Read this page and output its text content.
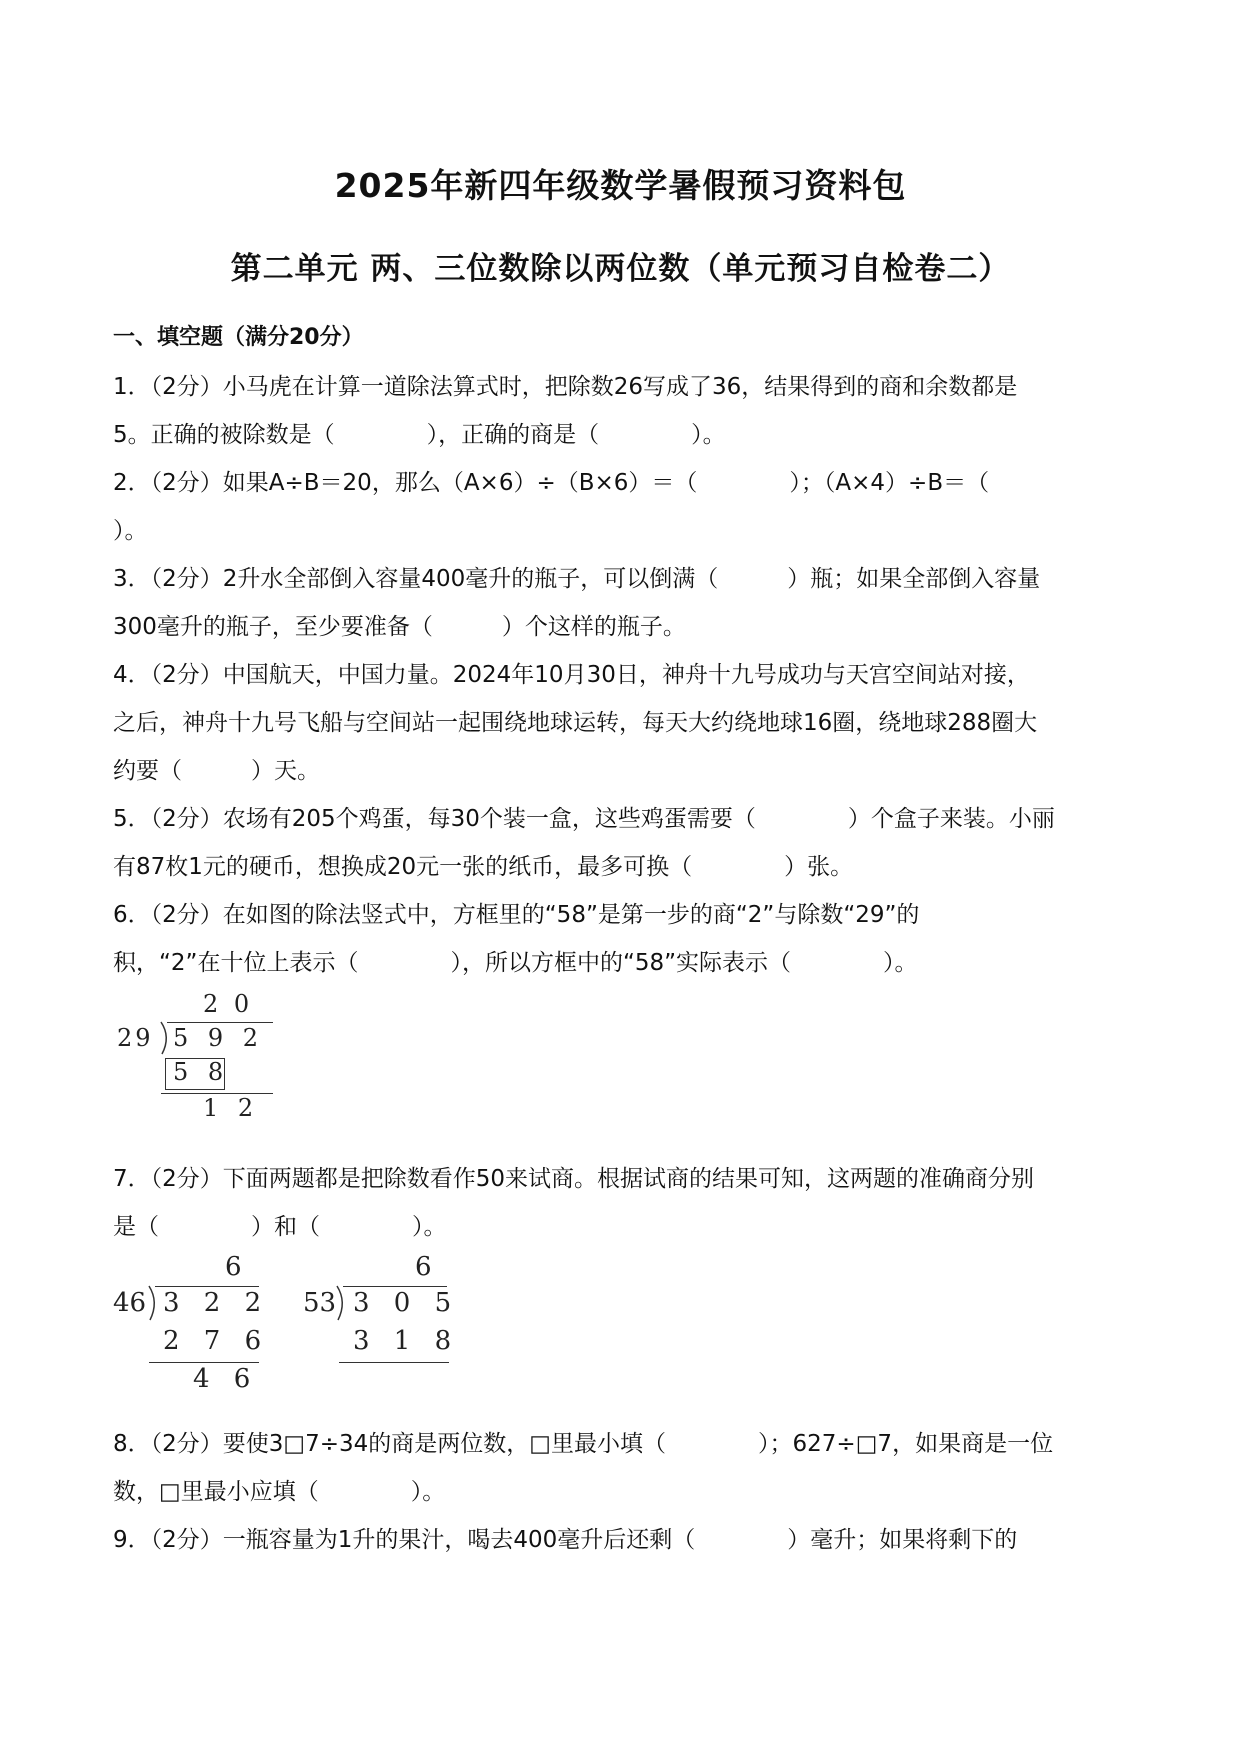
2025年新四年级数学暑假预习资料包
第二单元 两、三位数除以两位数（单元预习自检卷二）
一、填空题（满分20分）
1．（2分）小马虎在计算一道除法算式时，把除数26写成了36，结果得到的商和余数都是
5。正确的被除数是（　　　　），正确的商是（　　　　）。
2．（2分）如果A÷B＝20，那么（A×6）÷（B×6）＝（　　　　）；（A×4）÷B＝（
）。
3．（2分）2升水全部倒入容量400毫升的瓶子，可以倒满（　　　）瓶；如果全部倒入容量
300毫升的瓶子，至少要准备（　　　）个这样的瓶子。
4．（2分）中国航天，中国力量。2024年10月30日，神舟十九号成功与天宫空间站对接，
之后，神舟十九号飞船与空间站一起围绕地球运转，每天大约绕地球16圈，绕地球288圈大
约要（　　　）天。
5．（2分）农场有205个鸡蛋，每30个装一盒，这些鸡蛋需要（　　　　）个盒子来装。小丽
有87枚1元的硬币，想换成20元一张的纸币，最多可换（　　　　）张。
6．（2分）在如图的除法竖式中，方框里的“58”是第一步的商“2”与除数“29”的
积，“2”在十位上表示（　　　　），所以方框中的“58”实际表示（　　　　）。
2 0
29 5 9 2
5 8
1 2
7．（2分）下面两题都是把除数看作50来试商。根据试商的结果可知，这两题的准确商分别
是（　　　　）和（　　　　）。
6
46 3 2 2
2 7 6
4 6
6
53 3 0 5
3 1 8
8．（2分）要使3□7÷34的商是两位数，□里最小填（　　　　）；627÷□7，如果商是一位
数，□里最小应填（　　　　）。
9．（2分）一瓶容量为1升的果汁，喝去400毫升后还剩（　　　　）毫升；如果将剩下的
